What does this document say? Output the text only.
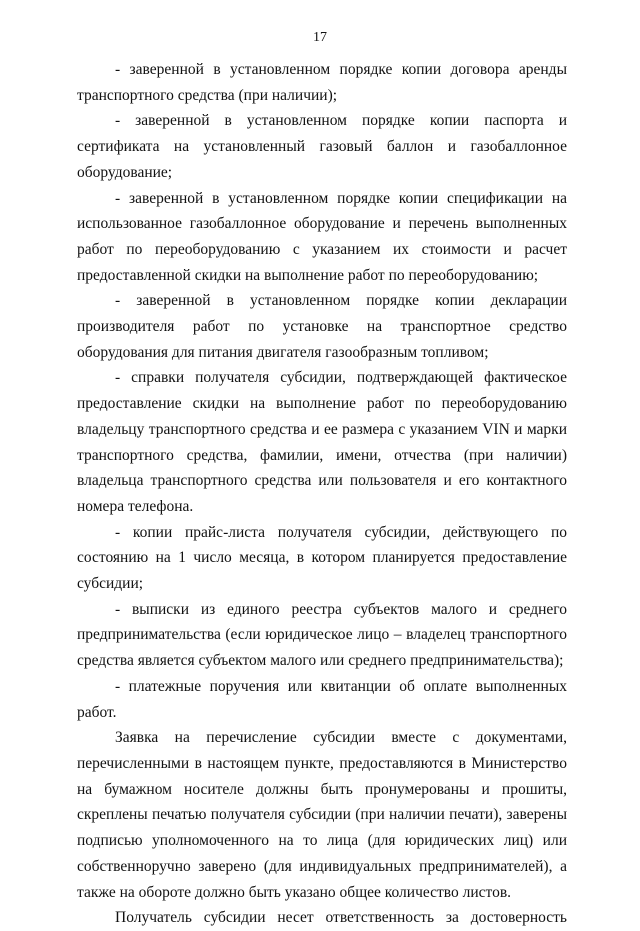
17

- заверенной в установленном порядке копии договора аренды транспортного средства (при наличии);

- заверенной в установленном порядке копии паспорта и сертификата на установленный газовый баллон и газобаллонное оборудование;

- заверенной в установленном порядке копии спецификации на использованное газобаллонное оборудование и перечень выполненных работ по переоборудованию с указанием их стоимости и расчет предоставленной скидки на выполнение работ по переоборудованию;

- заверенной в установленном порядке копии декларации производителя работ по установке на транспортное средство оборудования для питания двигателя газообразным топливом;

- справки получателя субсидии, подтверждающей фактическое предоставление скидки на выполнение работ по переоборудованию владельцу транспортного средства и ее размера с указанием VIN и марки транспортного средства, фамилии, имени, отчества (при наличии) владельца транспортного средства или пользователя и его контактного номера телефона.

- копии прайс-листа получателя субсидии, действующего по состоянию на 1 число месяца, в котором планируется предоставление субсидии;

- выписки из единого реестра субъектов малого и среднего предпринимательства (если юридическое лицо – владелец транспортного средства является субъектом малого или среднего предпринимательства);

- платежные поручения или квитанции об оплате выполненных работ.

Заявка на перечисление субсидии вместе с документами, перечисленными в настоящем пункте, предоставляются в Министерство на бумажном носителе должны быть пронумерованы и прошиты, скреплены печатью получателя субсидии (при наличии печати), заверены подписью уполномоченного на то лица (для юридических лиц) или собственноручно заверено (для индивидуальных предпринимателей), а также на обороте должно быть указано общее количество листов.

Получатель субсидии несет ответственность за достоверность
